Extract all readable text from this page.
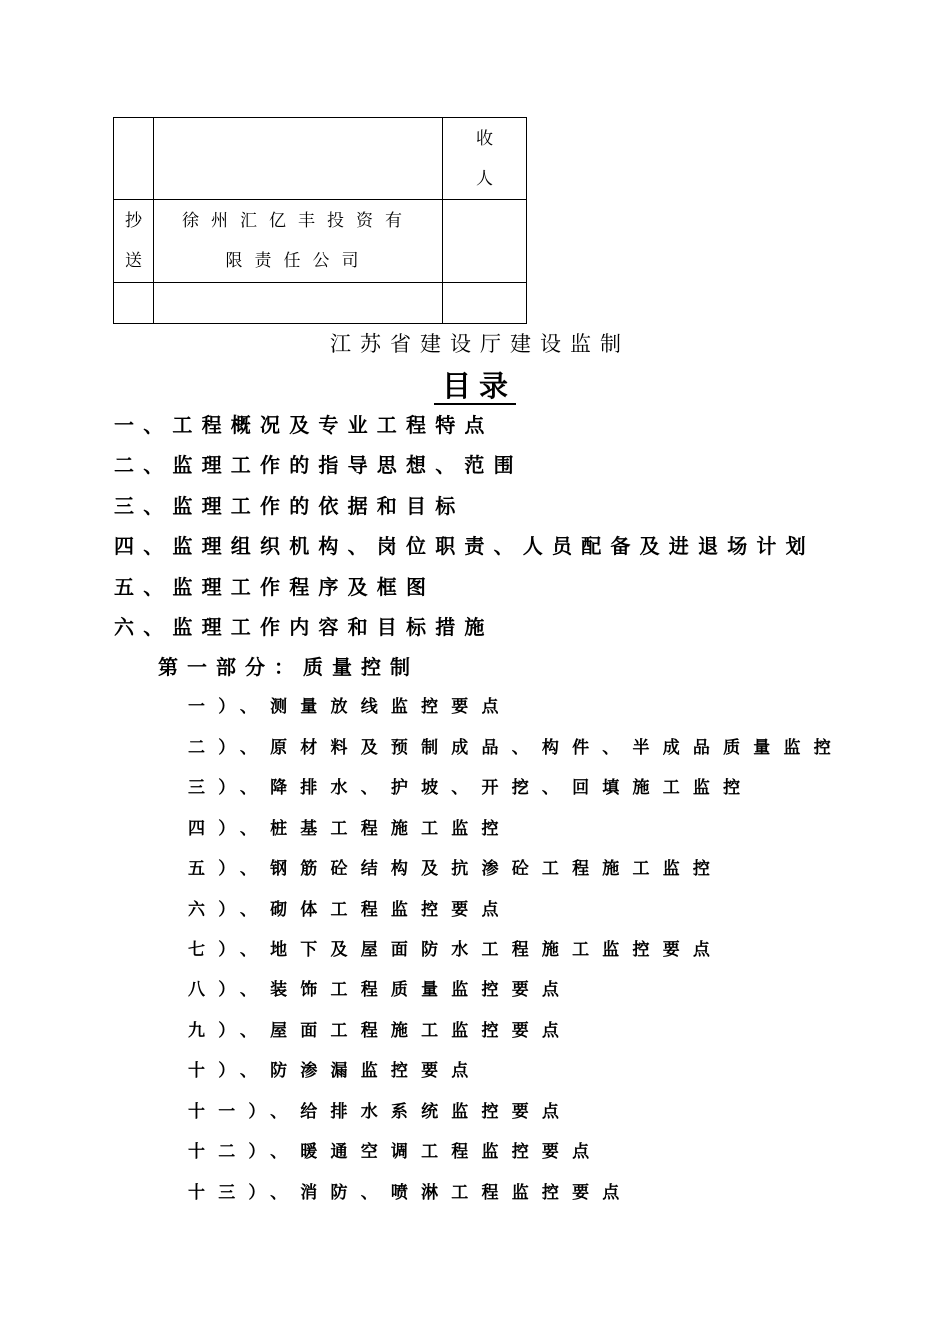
		收
人
抄
送	徐州汇亿丰投资有限责任公司	

江苏省建设厅建设监制
目录
一、工程概况及专业工程特点
二、监理工作的指导思想、范围
三、监理工作的依据和目标
四、监理组织机构、岗位职责、人员配备及进退场计划
五、监理工作程序及框图
六、监理工作内容和目标措施
第一部分：质量控制
一）、测量放线监控要点
二）、原材料及预制成品、构件、半成品质量监控
三）、降排水、护坡、开挖、回填施工监控
四）、桩基工程施工监控
五）、钢筋砼结构及抗渗砼工程施工监控
六）、砌体工程监控要点
七）、地下及屋面防水工程施工监控要点
八）、装饰工程质量监控要点
九）、屋面工程施工监控要点
十）、防渗漏监控要点
十一）、给排水系统监控要点
十二）、暖通空调工程监控要点
十三）、消防、喷淋工程监控要点
